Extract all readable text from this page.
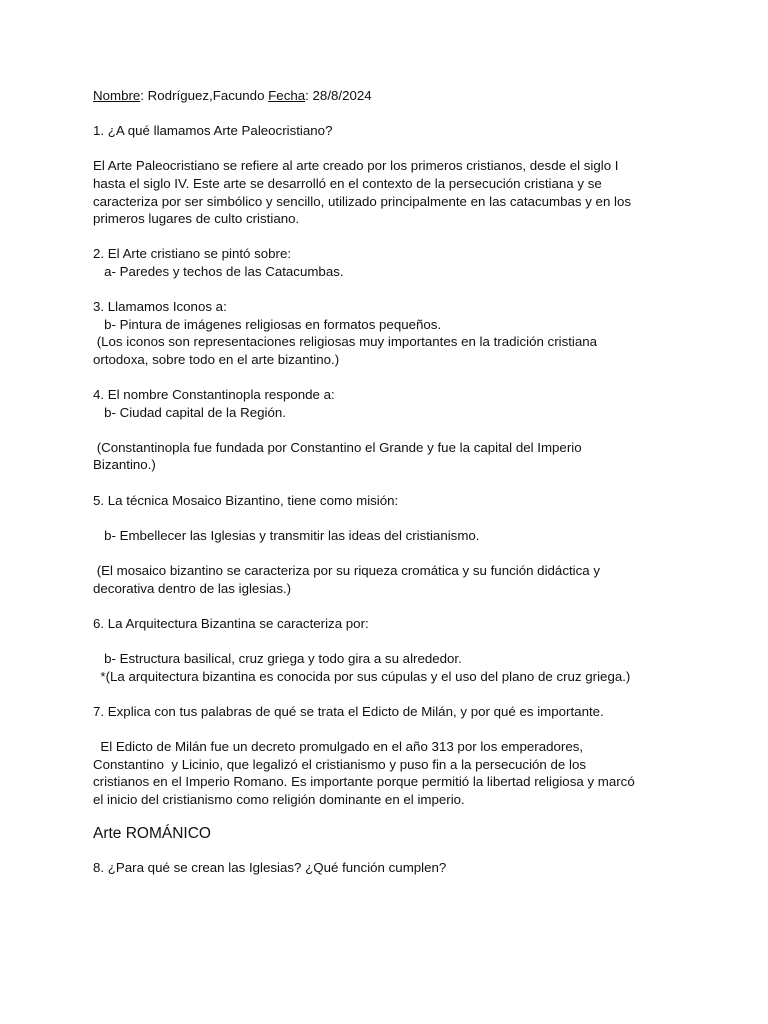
Nombre: Rodríguez,Facundo Fecha: 28/8/2024

1. ¿A qué llamamos Arte Paleocristiano?

El Arte Paleocristiano se refiere al arte creado por los primeros cristianos, desde el siglo I

hasta el siglo IV. Este arte se desarrolló en el contexto de la persecución cristiana y se

caracteriza por ser simbólico y sencillo, utilizado principalmente en las catacumbas y en los

primeros lugares de culto cristiano.

2. El Arte cristiano se pintó sobre:

a- Paredes y techos de las Catacumbas.

3. Llamamos Iconos a:

b- Pintura de imágenes religiosas en formatos pequeños.

(Los iconos son representaciones religiosas muy importantes en la tradición cristiana

ortodoxa, sobre todo en el arte bizantino.)

4. El nombre Constantinopla responde a:

b- Ciudad capital de la Región.

(Constantinopla fue fundada por Constantino el Grande y fue la capital del Imperio

Bizantino.)

5. La técnica Mosaico Bizantino, tiene como misión:

b- Embellecer las Iglesias y transmitir las ideas del cristianismo.

(El mosaico bizantino se caracteriza por su riqueza cromática y su función didáctica y

decorativa dentro de las iglesias.)

6. La Arquitectura Bizantina se caracteriza por:

b- Estructura basilical, cruz griega y todo gira a su alrededor.

*(La arquitectura bizantina es conocida por sus cúpulas y el uso del plano de cruz griega.)

7. Explica con tus palabras de qué se trata el Edicto de Milán, y por qué es importante.

El Edicto de Milán fue un decreto promulgado en el año 313 por los emperadores,

Constantino  y Licinio, que legalizó el cristianismo y puso fin a la persecución de los

cristianos en el Imperio Romano. Es importante porque permitió la libertad religiosa y marcó

el inicio del cristianismo como religión dominante en el imperio.

Arte ROMÁNICO

8. ¿Para qué se crean las Iglesias? ¿Qué función cumplen?
